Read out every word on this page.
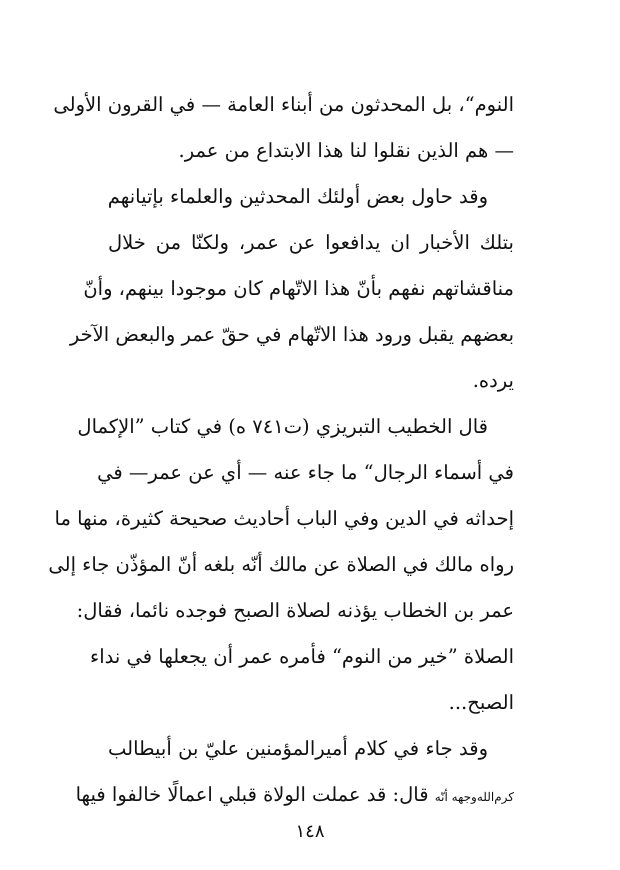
النوم“، بل المحدثون من أبناء العامة — في القرون الأولى
— هم الذين نقلوا لنا هذا الابتداع من عمر.
وقد حاول بعض أولئك المحدثين والعلماء بإتيانهم
بتلك الأخبار ان يدافعوا عن عمر، ولكنّا من خلال
مناقشاتهم نفهم بأنّ هذا الاتّهام كان موجودا بينهم، وأنّ
بعضهم يقبل ورود هذا الاتّهام في حقّ عمر والبعض الآخر
يرده.
قال الخطيب التبريزي (ت٧٤١ ه) في كتاب ”الإكمال
في أسماء الرجال“ ما جاء عنه — أي عن عمر— في
إحداثه في الدين وفي الباب أحاديث صحيحة كثيرة، منها ما
رواه مالك في الصلاة عن مالك أنّه بلغه أنّ المؤذّن جاء إلى
عمر بن الخطاب يؤذنه لصلاة الصبح فوجده نائما، فقال:
الصلاة ”خير من النوم“ فأمره عمر أن يجعلها في نداء
الصبح...
وقد جاء في كلام أميرالمؤمنين عليّ بن أبيطالب
كرم‌الله‌وجهه أنّه قال: قد عملت الولاة قبلي اعمالًا خالفوا فيها
١٤٨
